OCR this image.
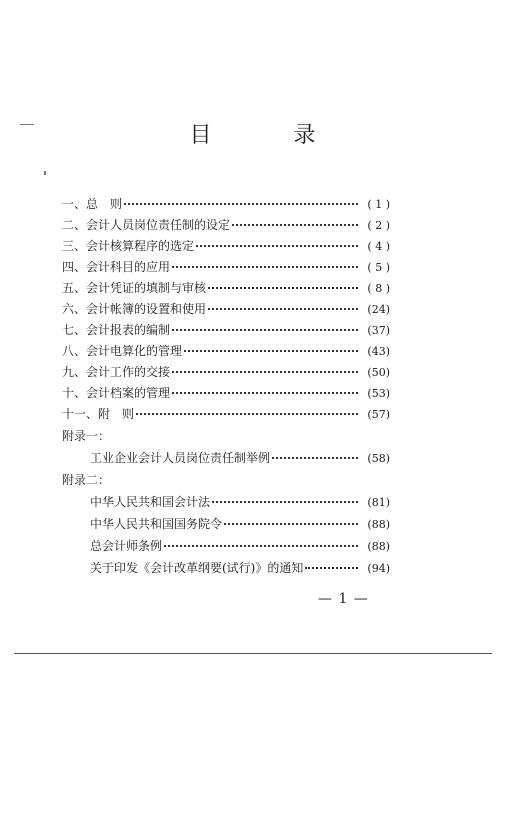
目　录
一、总　则	( 1 )
二、会计人员岗位责任制的设定	( 2 )
三、会计核算程序的选定	( 4 )
四、会计科目的应用	( 5 )
五、会计凭证的填制与审核	( 8 )
六、会计帐簿的设置和使用	(24)
七、会计报表的编制	(37)
八、会计电算化的管理	(43)
九、会计工作的交接	(50)
十、会计档案的管理	(53)
十一、附　则	(57)
附录一：
工业企业会计人员岗位责任制举例	(58)
附录二：
中华人民共和国会计法	(81)
中华人民共和国国务院令	(88)
总会计师条例	(88)
关于印发《会计改革纲要(试行)》的通知	(94)
— 1 —
